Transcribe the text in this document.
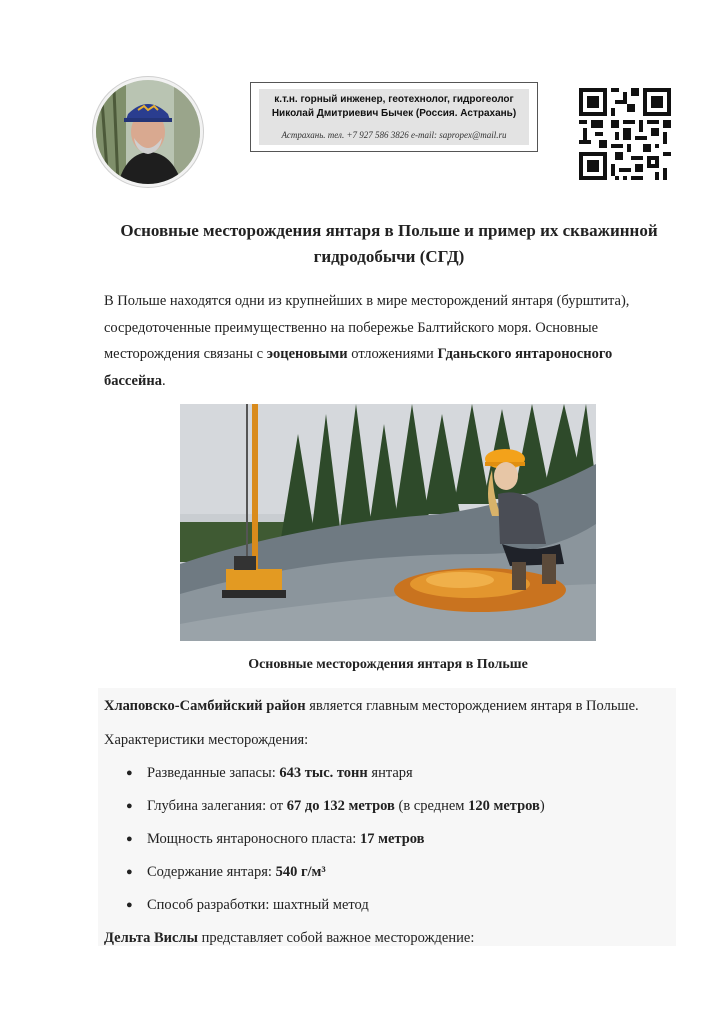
к.т.н. горный инженер, геотехнолог, гидрогеолог
Николай Дмитриевич Бычек (Россия. Астрахань)
Астрахань. тел. +7 927 586 3826 e-mail: sapropex@mail.ru
Основные месторождения янтаря в Польше и пример их скважинной гидродобычи (СГД)

В Польше находятся одни из крупнейших в мире месторождений янтаря (бурштита), сосредоточенные преимущественно на побережье Балтийского моря. Основные месторождения связаны с эоценовыми отложениями Гданьского янтароносного бассейна.

Основные месторождения янтаря в Польше

Хлаповско-Самбийский район является главным месторождением янтаря в Польше.
Характеристики месторождения:
● Разведанные запасы: 643 тыс. тонн янтаря
● Глубина залегания: от 67 до 132 метров (в среднем 120 метров)
● Мощность янтароносного пласта: 17 метров
● Содержание янтаря: 540 г/м³
● Способ разработки: шахтный метод
Дельта Вислы представляет собой важное месторождение:
